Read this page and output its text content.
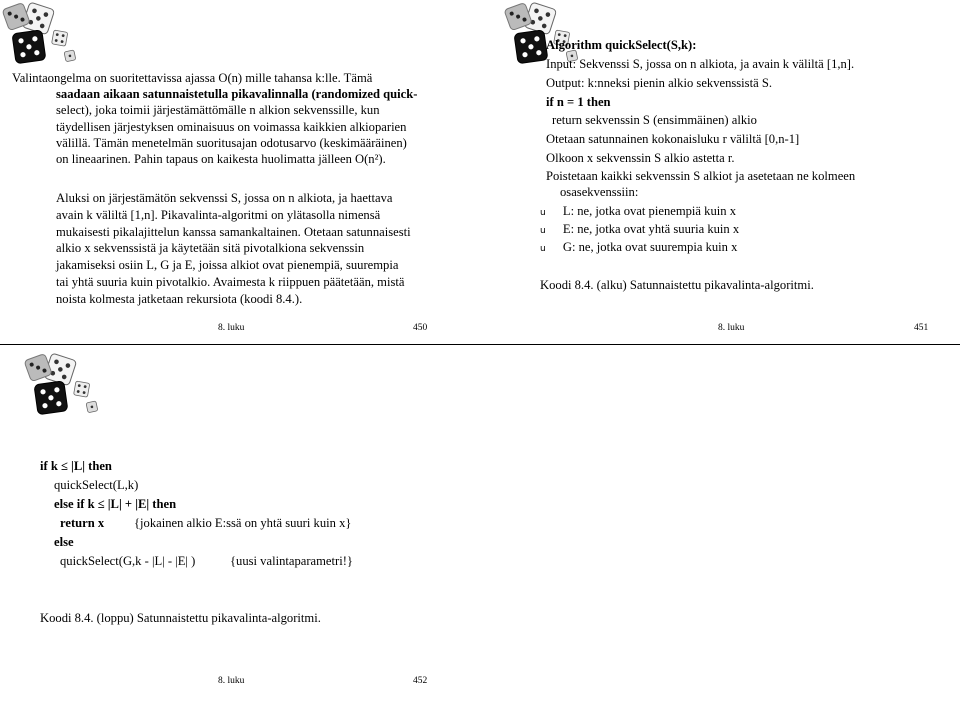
Valintaongelma on suoritettavissa ajassa O(n) mille tahansa k:lle. Tämä
saadaan aikaan satunnaistetulla pikavalinnalla (randomized quick-
select), joka toimii järjestämättömälle n alkion sekvenssille, kun
täydellisen järjestyksen ominaisuus on voimassa kaikkien alkioparien
välillä. Tämän menetelmän suoritusajan odotusarvo (keskimääräinen)
on lineaarinen. Pahin tapaus on kaikesta huolimatta jälleen O(n²).
Aluksi on järjestämätön sekvenssi S, jossa on n alkiota, ja haettava
avain k väliltä [1,n]. Pikavalinta-algoritmi on ylätasolla nimensä
mukaisesti pikalajittelun kanssa samankaltainen. Otetaan satunnaisesti
alkio x sekvenssistä ja käytetään sitä pivotalkiona sekvenssin
jakamiseksi osiin L, G ja E, joissa alkiot ovat pienempiä, suurempia
tai yhtä suuria kuin pivotalkio. Avaimesta k riippuen päätetään, mistä
noista kolmesta jatketaan rekursiota (koodi 8.4.).
8. luku	450
Algorithm quickSelect(S,k):
Input: Sekvenssi S, jossa on n alkiota, ja avain k väliltä [1,n].
Output: k:nneksi pienin alkio sekvenssistä S.
if n = 1 then
return sekvenssin S (ensimmäinen) alkio
Otetaan satunnainen kokonaisluku r väliltä [0,n-1]
Olkoon x sekvenssin S alkio astetta r.
Poistetaan kaikki sekvenssin S alkiot ja asetetaan ne kolmeen
osasekvenssiin:
u L: ne, jotka ovat pienempiä kuin x
u E: ne, jotka ovat yhtä suuria kuin x
u G: ne, jotka ovat suurempia kuin x
Koodi 8.4. (alku) Satunnaistettu pikavalinta-algoritmi.
8. luku	451
if k ≤ |L| then
quickSelect(L,k)
else if k ≤ |L| + |E| then
return x {jokainen alkio E:ssä on yhtä suuri kuin x}
else
quickSelect(G,k - |L| - |E| )	{uusi valintaparametri!}
Koodi 8.4. (loppu) Satunnaistettu pikavalinta-algoritmi.
8. luku	452
